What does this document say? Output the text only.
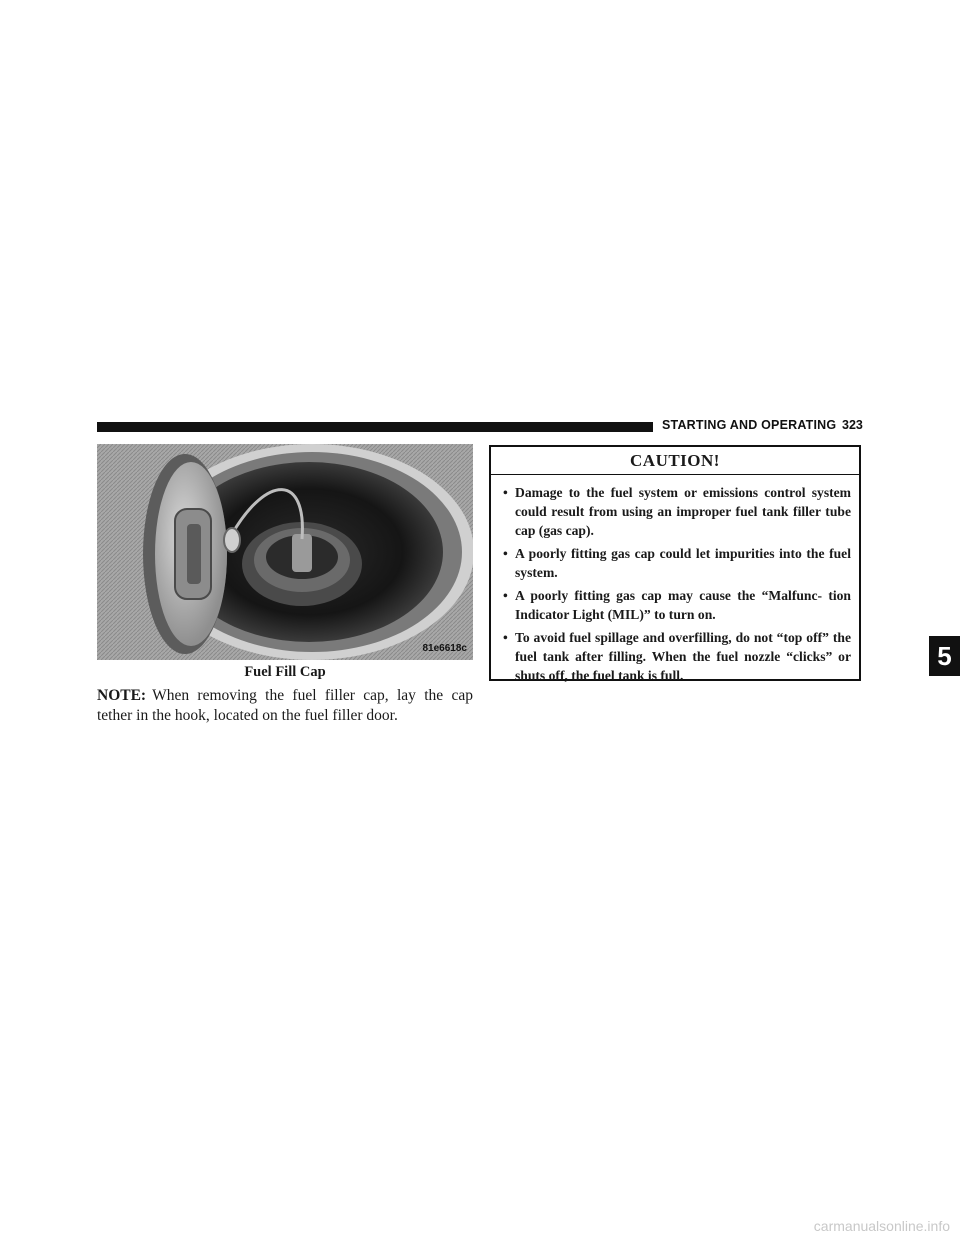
STARTING AND OPERATING 323
81e6618c
Fuel Fill Cap
NOTE: When removing the fuel filler cap, lay the cap tether in the hook, located on the fuel filler door.
CAUTION!
• Damage to the fuel system or emissions control system could result from using an improper fuel tank filler tube cap (gas cap).
• A poorly fitting gas cap could let impurities into the fuel system.
• A poorly fitting gas cap may cause the “Malfunc- tion Indicator Light (MIL)” to turn on.
• To avoid fuel spillage and overfilling, do not “top off” the fuel tank after filling. When the fuel nozzle “clicks” or shuts off, the fuel tank is full.
5
carmanualsonline.info
